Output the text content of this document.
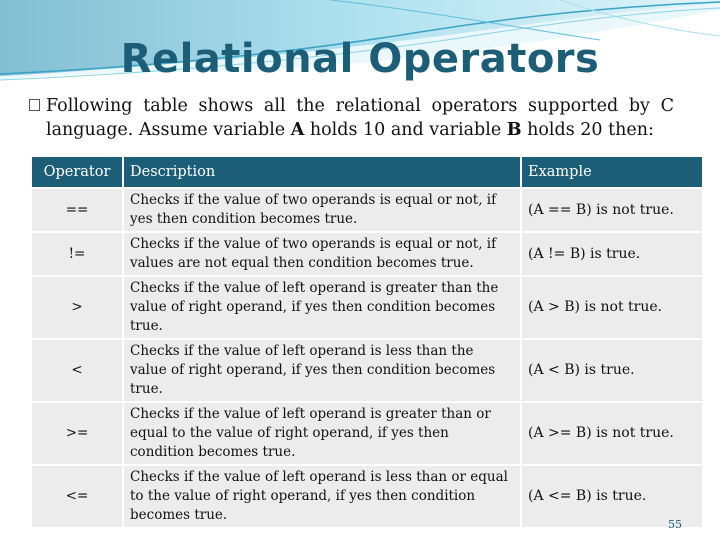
Relational Operators
Following table shows all the relational operators supported by C language. Assume variable A holds 10 and variable B holds 20 then:
Operator	Description	Example
==	Checks if the value of two operands is equal or not, if yes then condition becomes true.	(A == B) is not true.
!=	Checks if the value of two operands is equal or not, if values are not equal then condition becomes true.	(A != B) is true.
>	Checks if the value of left operand is greater than the value of right operand, if yes then condition becomes true.	(A > B) is not true.
<	Checks if the value of left operand is less than the value of right operand, if yes then condition becomes true.	(A < B) is true.
>=	Checks if the value of left operand is greater than or equal to the value of right operand, if yes then condition becomes true.	(A >= B) is not true.
<=	Checks if the value of left operand is less than or equal to the value of right operand, if yes then condition becomes true.	(A <= B) is true.
55
